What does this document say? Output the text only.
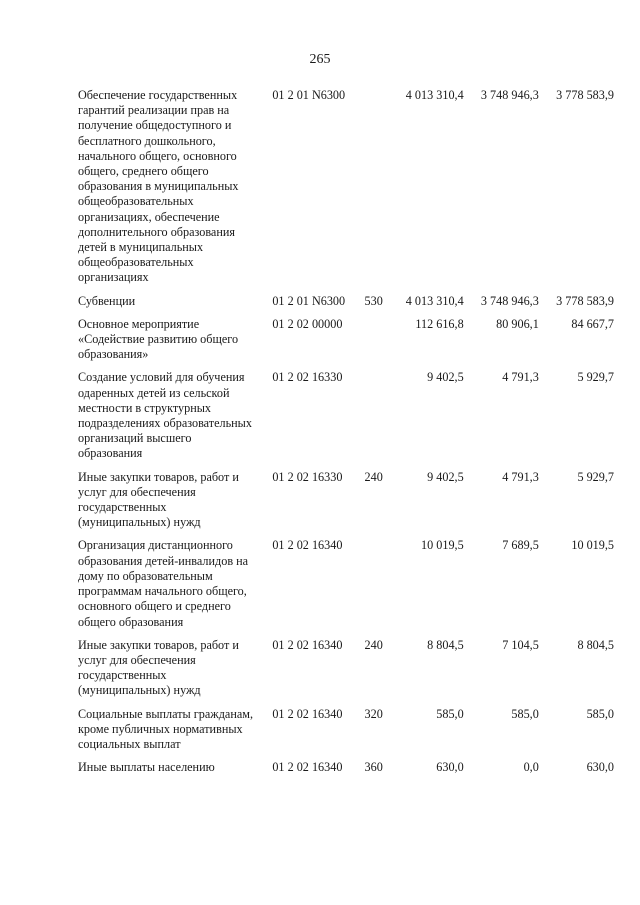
265
Обеспечение государственных гарантий реализации прав на получение общедоступного и бесплатного дошкольного, начального общего, основного общего, среднего общего образования в муниципальных общеобразовательных организациях, обеспечение дополнительного образования детей в муниципальных общеобразовательных организациях	01 2 01 N6300		4 013 310,4	3 748 946,3	3 778 583,9
Субвенции	01 2 01 N6300	530	4 013 310,4	3 748 946,3	3 778 583,9
Основное мероприятие «Содействие развитию общего образования»	01 2 02 00000		112 616,8	80 906,1	84 667,7
Создание условий для обучения одаренных детей из сельской местности в структурных подразделениях образовательных организаций высшего образования	01 2 02 16330		9 402,5	4 791,3	5 929,7
Иные закупки товаров, работ и услуг для обеспечения государственных (муниципальных) нужд	01 2 02 16330	240	9 402,5	4 791,3	5 929,7
Организация дистанционного образования детей-инвалидов на дому по образовательным программам начального общего, основного общего и среднего общего образования	01 2 02 16340		10 019,5	7 689,5	10 019,5
Иные закупки товаров, работ и услуг для обеспечения государственных (муниципальных) нужд	01 2 02 16340	240	8 804,5	7 104,5	8 804,5
Социальные выплаты гражданам, кроме публичных нормативных социальных выплат	01 2 02 16340	320	585,0	585,0	585,0
Иные выплаты населению	01 2 02 16340	360	630,0	0,0	630,0
